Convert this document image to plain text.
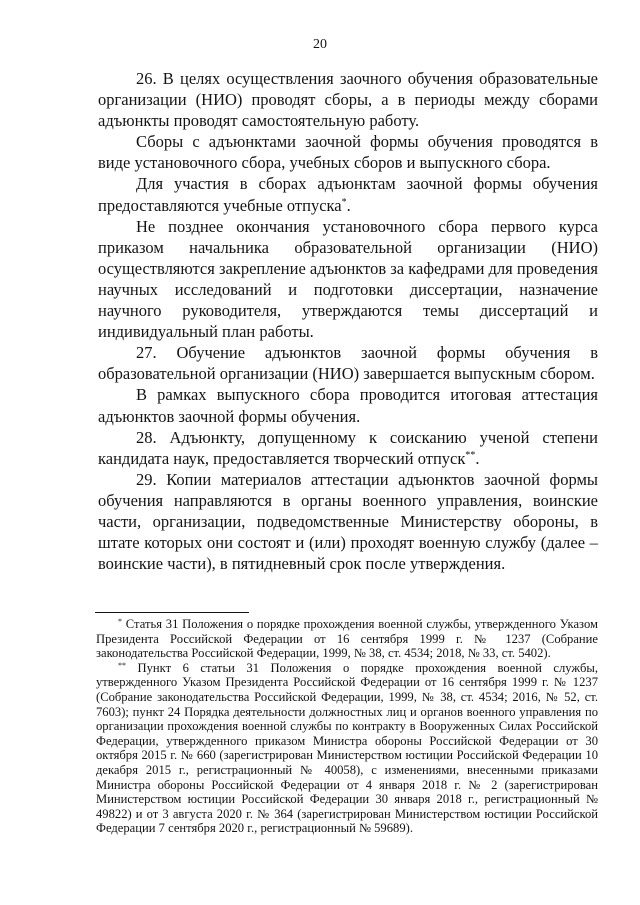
20

26. В целях осуществления заочного обучения образовательные организации (НИО) проводят сборы, а в периоды между сборами адъюнкты проводят самостоятельную работу.

Сборы с адъюнктами заочной формы обучения проводятся в виде установочного сбора, учебных сборов и выпускного сбора.

Для участия в сборах адъюнктам заочной формы обучения предоставляются учебные отпуска*.

Не позднее окончания установочного сбора первого курса приказом начальника образовательной организации (НИО) осуществляются закрепление адъюнктов за кафедрами для проведения научных исследований и подготовки диссертации, назначение научного руководителя, утверждаются темы диссертаций и индивидуальный план работы.

27. Обучение адъюнктов заочной формы обучения в образовательной организации (НИО) завершается выпускным сбором.

В рамках выпускного сбора проводится итоговая аттестация адъюнктов заочной формы обучения.

28. Адъюнкту, допущенному к соисканию ученой степени кандидата наук, предоставляется творческий отпуск**.

29. Копии материалов аттестации адъюнктов заочной формы обучения направляются в органы военного управления, воинские части, организации, подведомственные Министерству обороны, в штате которых они состоят и (или) проходят военную службу (далее – воинские части), в пятидневный срок после утверждения.

* Статья 31 Положения о порядке прохождения военной службы, утвержденного Указом Президента Российской Федерации от 16 сентября 1999 г. № 1237 (Собрание законодательства Российской Федерации, 1999, № 38, ст. 4534; 2018, № 33, ст. 5402).

** Пункт 6 статьи 31 Положения о порядке прохождения военной службы, утвержденного Указом Президента Российской Федерации от 16 сентября 1999 г. № 1237 (Собрание законодательства Российской Федерации, 1999, № 38, ст. 4534; 2016, № 52, ст. 7603); пункт 24 Порядка деятельности должностных лиц и органов военного управления по организации прохождения военной службы по контракту в Вооруженных Силах Российской Федерации, утвержденного приказом Министра обороны Российской Федерации от 30 октября 2015 г. № 660 (зарегистрирован Министерством юстиции Российской Федерации 10 декабря 2015 г., регистрационный № 40058), с изменениями, внесенными приказами Министра обороны Российской Федерации от 4 января 2018 г. № 2 (зарегистрирован Министерством юстиции Российской Федерации 30 января 2018 г., регистрационный № 49822) и от 3 августа 2020 г. № 364 (зарегистрирован Министерством юстиции Российской Федерации 7 сентября 2020 г., регистрационный № 59689).
